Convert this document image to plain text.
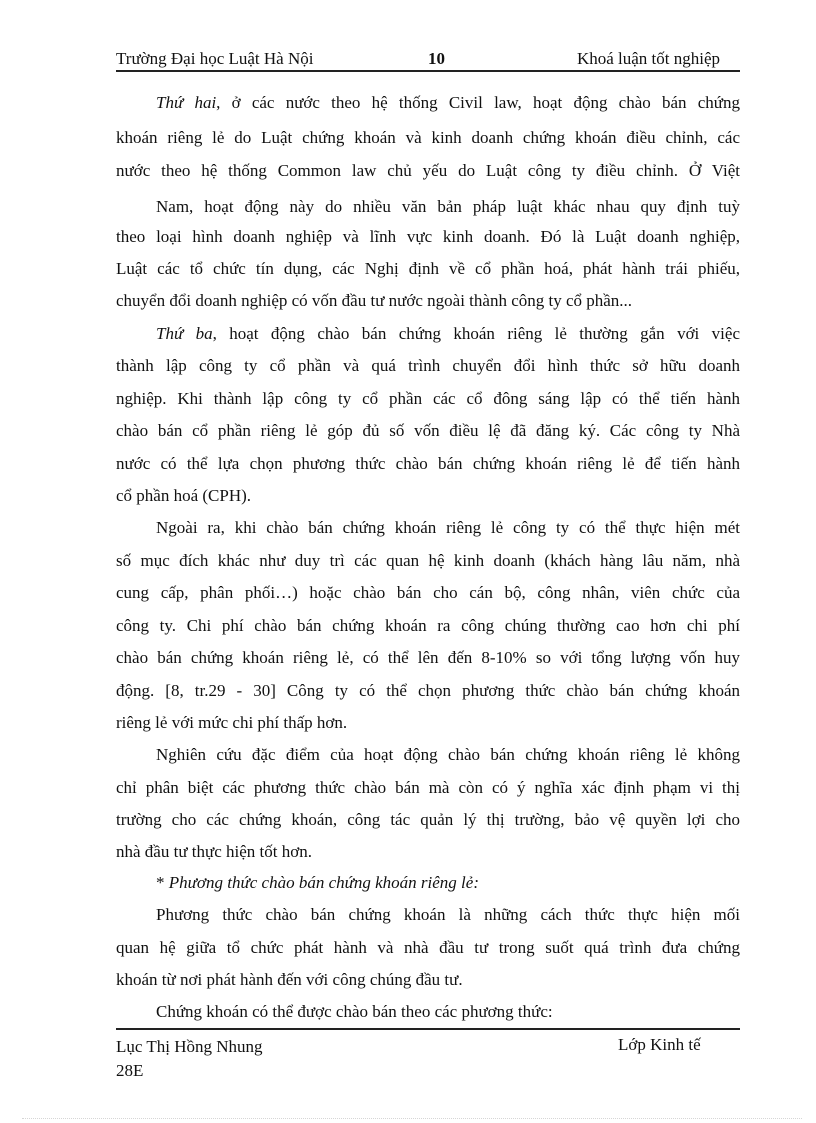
Trường Đại học Luật Hà Nội	10	Khoá luận tốt nghiệp
Thứ hai, ở các nước theo hệ thống Civil law, hoạt động chào bán chứng
khoán riêng lẻ do Luật chứng khoán và kinh doanh chứng khoán điều chỉnh, các
nước theo hệ thống Common law chủ yếu do Luật công ty điều chỉnh. Ở Việt
Nam, hoạt động này do nhiều văn bản pháp luật khác nhau quy định tuỳ
theo loại hình doanh nghiệp và lĩnh vực kinh doanh. Đó là Luật doanh nghiệp,
Luật các tổ chức tín dụng, các Nghị định về cổ phần hoá, phát hành trái phiếu,
chuyển đổi doanh nghiệp có vốn đầu tư nước ngoài thành công ty cổ phần...
Thứ ba, hoạt động chào bán chứng khoán riêng lẻ thường gắn với việc
thành lập công ty cổ phần và quá trình chuyển đổi hình thức sở hữu doanh
nghiệp. Khi thành lập công ty cổ phần các cổ đông sáng lập có thể tiến hành
chào bán cổ phần riêng lẻ góp đủ số vốn điều lệ đã đăng ký. Các công ty Nhà
nước có thể lựa chọn phương thức chào bán chứng khoán riêng lẻ để tiến hành
cổ phần hoá (CPH).
Ngoài ra, khi chào bán chứng khoán riêng lẻ công ty có thể thực hiện mét
số mục đích khác như duy trì các quan hệ kinh doanh (khách hàng lâu năm, nhà
cung cấp, phân phối…) hoặc chào bán cho cán bộ, công nhân, viên chức của
công ty. Chi phí chào bán chứng khoán ra công chúng thường cao hơn chi phí
chào bán chứng khoán riêng lẻ, có thể lên đến 8-10% so với tổng lượng vốn huy
động. [8, tr.29 - 30] Công ty có thể chọn phương thức chào bán chứng khoán
riêng lẻ với mức chi phí thấp hơn.
Nghiên cứu đặc điểm của hoạt động chào bán chứng khoán riêng lẻ không
chỉ phân biệt các phương thức chào bán mà còn có ý nghĩa xác định phạm vi thị
trường cho các chứng khoán, công tác quản lý thị trường, bảo vệ quyền lợi cho
nhà đầu tư thực hiện tốt hơn.
* Phương thức chào bán chứng khoán riêng lẻ:
Phương thức chào bán chứng khoán là những cách thức thực hiện mối
quan hệ giữa tổ chức phát hành và nhà đầu tư trong suốt quá trình đưa chứng
khoán từ nơi phát hành đến với công chúng đầu tư.
Chứng khoán có thể được chào bán theo các phương thức:
Lục Thị Hồng Nhung
28E
Lớp Kinh tế
